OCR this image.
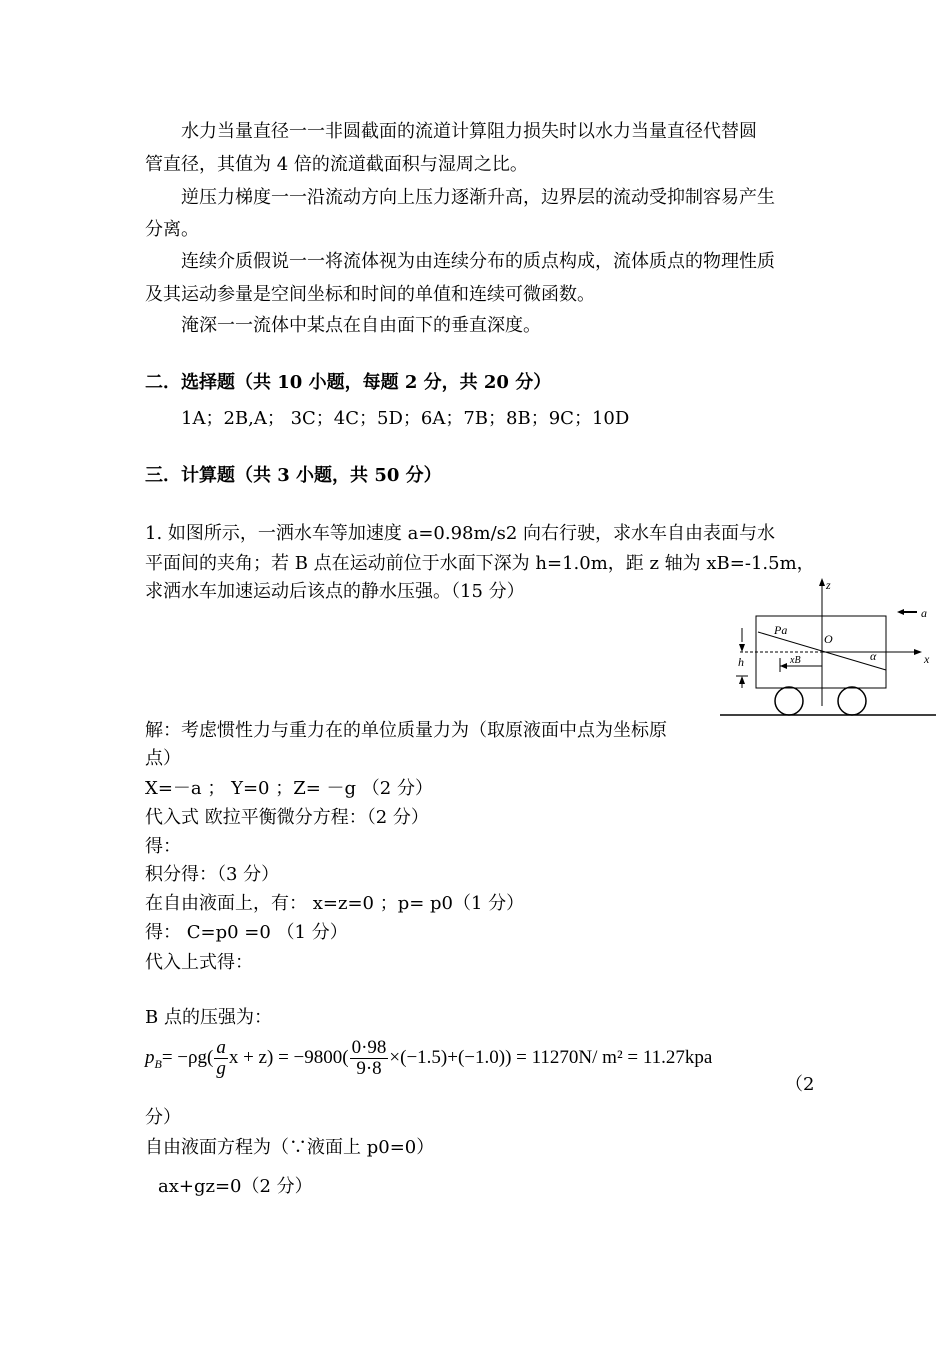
水力当量直径一一非圆截面的流道计算阻力损失时以水力当量直径代替圆
管直径，其值为 4 倍的流道截面积与湿周之比。
逆压力梯度一一沿流动方向上压力逐渐升高，边界层的流动受抑制容易产生
分离。
连续介质假说一一将流体视为由连续分布的质点构成，流体质点的物理性质
及其运动参量是空间坐标和时间的单值和连续可微函数。
淹深一一流体中某点在自由面下的垂直深度。
二．选择题（共 10 小题，每题 2 分，共 20 分）
1A；2B,A； 3C；4C；5D；6A；7B；8B；9C；10D
三．计算题（共 3 小题，共 50 分）
1. 如图所示，一洒水车等加速度 a=0.98m/s2 向右行驶，求水车自由表面与水
平面间的夹角；若 B 点在运动前位于水面下深为 h=1.0m，距 z 轴为 xB=-1.5m，
求洒水车加速运动后该点的静水压强。（15 分）	z
a
x
Pa
O
α
h	xB
解：考虑惯性力与重力在的单位质量力为（取原液面中点为坐标原
点）
X=－a ； Y=0 ；Z= －g （2 分）
代入式 欧拉平衡微分方程：（2 分）
得：
积分得：（3 分）
在自由液面上，有： x=z=0 ；p= p0（1 分）
得： C=p0 =0 （1 分）
代入上式得：
B 点的压强为：
$p_B= -\rho g( \frac{a}{g}$ $x + z) = -9800( \frac{0\cdot 98}{9\cdot 8} \times(-1.5)+(-1.0)) = 11270N/$ m² = 11.27kpa
（2
分）
自由液面方程为（∵液面上 p0=0）
ax+gz=0（2 分）
